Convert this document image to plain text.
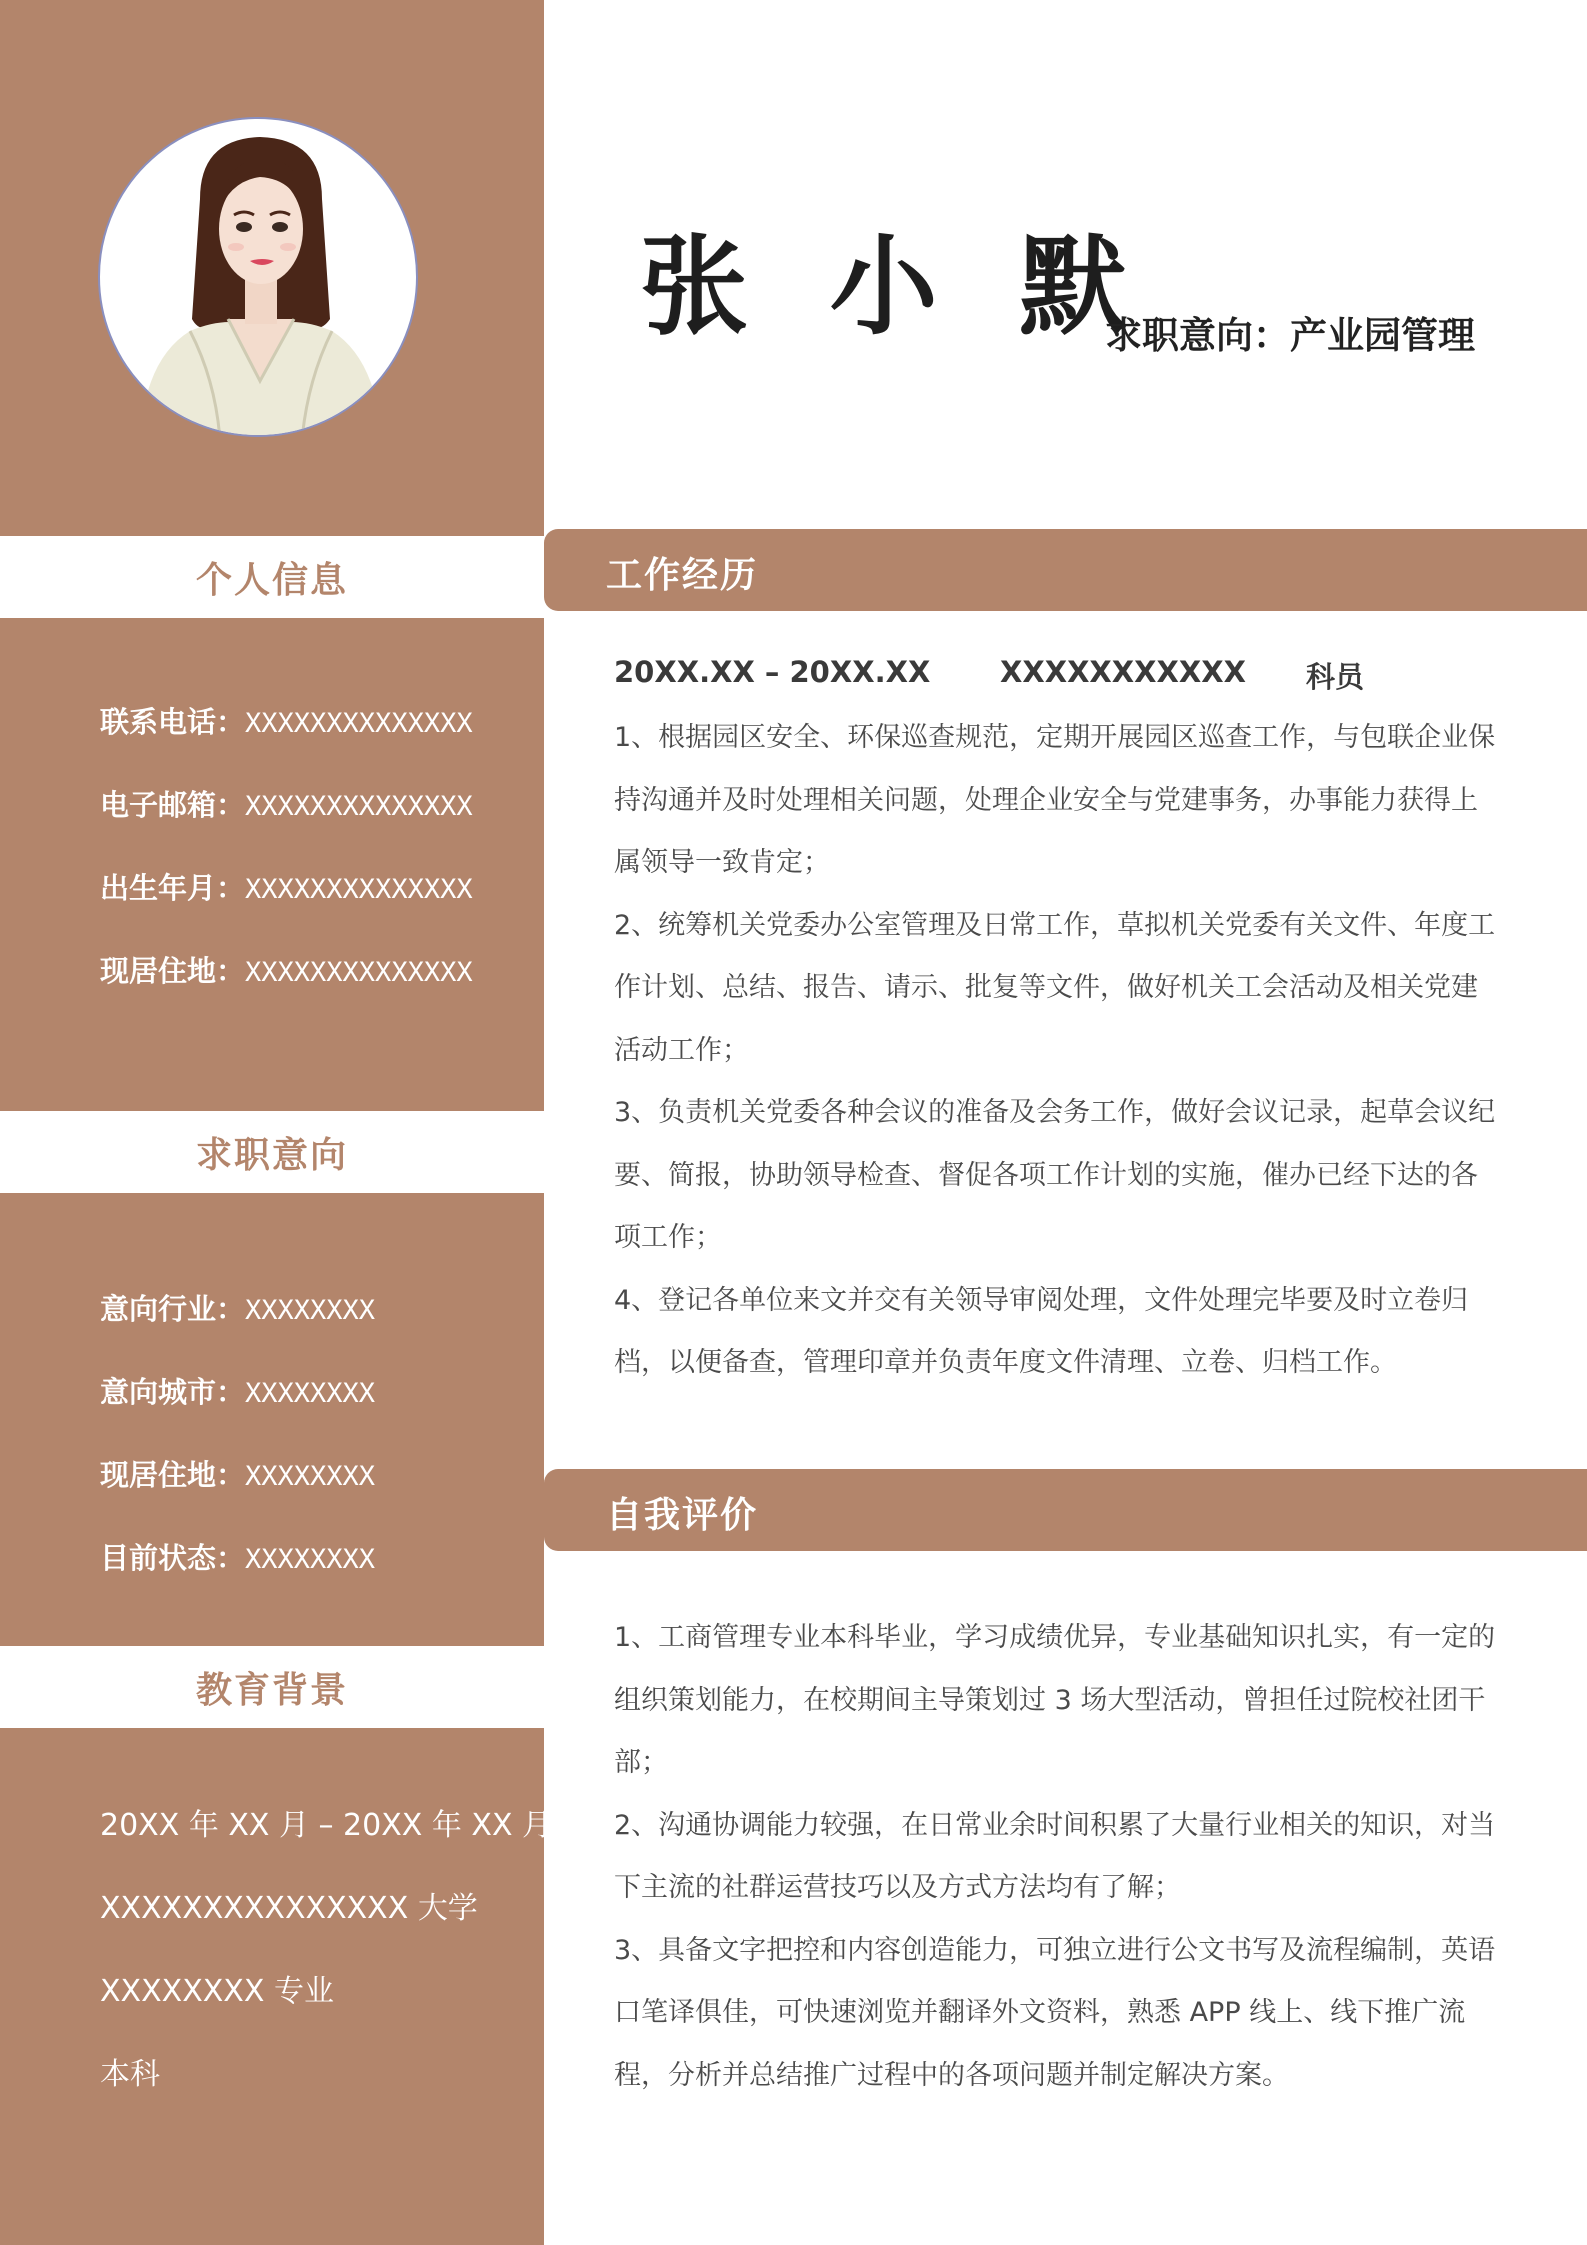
个人信息
联系电话：XXXXXXXXXXXXXX
电子邮箱：XXXXXXXXXXXXXX
出生年月：XXXXXXXXXXXXXX
现居住地：XXXXXXXXXXXXXX
求职意向
意向行业：XXXXXXXX
意向城市：XXXXXXXX
现居住地：XXXXXXXX
目前状态：XXXXXXXX
教育背景
20XX 年 XX 月 – 20XX 年 XX 月
XXXXXXXXXXXXXXX 大学
XXXXXXXX 专业
本科
张 小 默
求职意向：产业园管理
工作经历
20XX.XX – 20XX.XX XXXXXXXXXXX 科员

1、根据园区安全、环保巡查规范，定期开展园区巡查工作，与包联企业保持沟通并及时处理相关问题，处理企业安全与党建事务，办事能力获得上属领导一致肯定；

2、统筹机关党委办公室管理及日常工作，草拟机关党委有关文件、年度工作计划、总结、报告、请示、批复等文件，做好机关工会活动及相关党建活动工作；

3、负责机关党委各种会议的准备及会务工作，做好会议记录，起草会议纪要、简报，协助领导检查、督促各项工作计划的实施，催办已经下达的各项工作；

4、登记各单位来文并交有关领导审阅处理，文件处理完毕要及时立卷归档，以便备查，管理印章并负责年度文件清理、立卷、归档工作。

自我评价

1、工商管理专业本科毕业，学习成绩优异，专业基础知识扎实，有一定的组织策划能力，在校期间主导策划过 3 场大型活动，曾担任过院校社团干部；

2、沟通协调能力较强，在日常业余时间积累了大量行业相关的知识，对当下主流的社群运营技巧以及方式方法均有了解；

3、具备文字把控和内容创造能力，可独立进行公文书写及流程编制，英语口笔译俱佳，可快速浏览并翻译外文资料，熟悉 APP 线上、线下推广流程，分析并总结推广过程中的各项问题并制定解决方案。
